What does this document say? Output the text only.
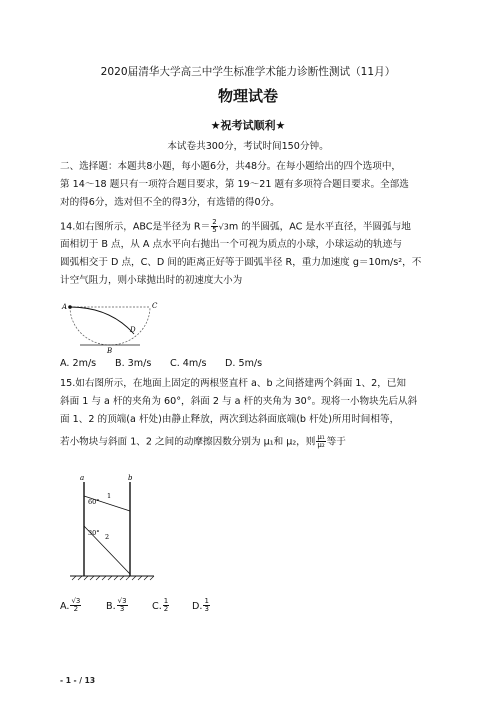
2020届清华大学高三中学生标准学术能力诊断性测试（11月）
物理试卷
★祝考试顺利★
本试卷共300分，考试时间150分钟。
二、选择题：本题共8小题，每小题6分，共48分。在每小题给出的四个选项中，
第 14～18 题只有一项符合题目要求，第 19～21 题有多项符合题目要求。全部选
对的得6分，选对但不全的得3分，有选错的得0分。
14.如右图所示，ABC是半径为 $R= \frac{2}{5} √3m$ 的半圆弧，AC 是水平直径，半圆弧与地
面相切于 B 点，从 A 点水平向右抛出一个可视为质点的小球，小球运动的轨迹与
圆弧相交于 D 点，C、D 间的距离正好等于圆弧半径 R，重力加速度 g＝10m/s²，不
计空气阻力，则小球抛出时的初速度大小为
A	C
D
B
A. 2m/s B. 3m/s C. 4m/s D. 5m/s
15.如右图所示，在地面上固定的两根竖直杆 a、b 之间搭建两个斜面 1、2，已知
斜面 1 与 a 杆的夹角为 60°，斜面 2 与 a 杆的夹角为 30°。现将一小物块先后从斜
面 1、2 的顶端(a 杆处)由静止释放，两次到达斜面底端(b 杆处)所用时间相等，
若小物块与斜面 1、2 之间的动摩擦因数分别为 μ₁和 μ₂，则 $\frac{\text{μ₁}}{\text{μ₂}}$ 等于
a	b
60°
30°
1
2
A. $\frac{√3}{2}$	B. $\frac{√3}{3}$	C. $\frac{1}{2} D$. $\frac{1}{3}$
- 1 - / 13
